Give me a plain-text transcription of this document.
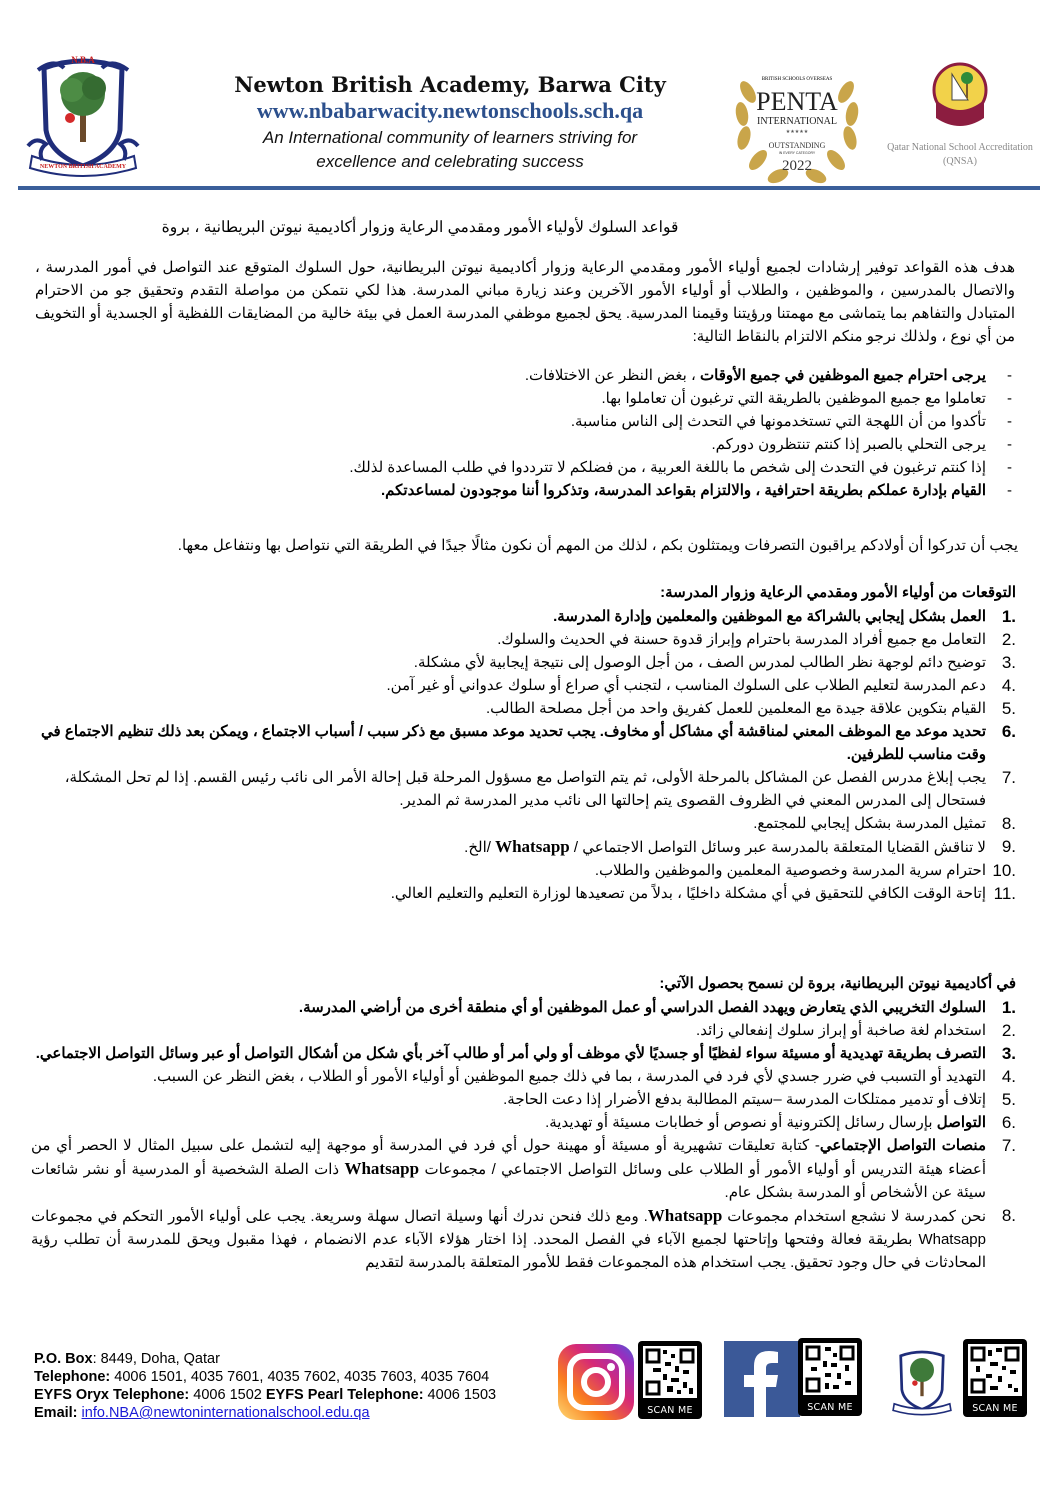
N.B.A
NEWTON BRITISH ACADEMY
Newton British Academy, Barwa City
www.nbabarwacity.newtonschools.sch.qa
An International community of learners striving for
excellence and celebrating success
BRITISH SCHOOLS OVERSEAS
PENTA
INTERNATIONAL
★★★★★
OUTSTANDING
IN EVERY CATEGORY
2022
Qatar National School Accreditation
(QNSA)
قواعد السلوك لأولياء الأمور ومقدمي الرعاية وزوار أكاديمية نيوتن البريطانية ، بروة
هدف هذه القواعد توفير إرشادات لجميع أولياء الأمور ومقدمي الرعاية وزوار أكاديمية نيوتن البريطانية، حول السلوك المتوقع عند التواصل في أمور المدرسة ، والاتصال بالمدرسين ، والموظفين ، والطلاب أو أولياء الأمور الآخرين وعند زيارة مباني المدرسة. هذا لكي نتمكن من مواصلة التقدم وتحقيق جو من الاحترام المتبادل والتفاهم بما يتماشى مع مهمتنا ورؤيتنا وقيمنا المدرسية. يحق لجميع موظفي المدرسة العمل في بيئة خالية من المضايقات اللفظية أو الجسدية أو التخويف من أي نوع ، ولذلك نرجو منكم الالتزام بالنقاط التالية:
- يرجى احترام جميع الموظفين في جميع الأوقات ، بغض النظر عن الاختلافات.
- تعاملوا مع جميع الموظفين بالطريقة التي ترغبون أن تعاملوا بها.
- تأكدوا من أن اللهجة التي تستخدمونها في التحدث إلى الناس مناسبة.
- يرجى التحلي بالصبر إذا كنتم تنتظرون دوركم.
- إذا كنتم ترغبون في التحدث إلى شخص ما باللغة العربية ، من فضلكم لا تترددوا في طلب المساعدة لذلك.
- القيام بإدارة عملكم بطريقة احترافية ، والالتزام بقواعد المدرسة، وتذكروا أننا موجودون لمساعدتكم.
يجب أن تدركوا أن أولادكم يراقبون التصرفات ويمتثلون بكم ، لذلك من المهم أن نكون مثالًا جيدًا في الطريقة التي نتواصل بها ونتفاعل معها.
التوقعات من أولياء الأمور ومقدمي الرعاية وزوار المدرسة:
1.
العمل بشكل إيجابي بالشراكة مع الموظفين والمعلمين وإدارة المدرسة.
2.
التعامل مع جميع أفراد المدرسة باحترام وإبراز قدوة حسنة في الحديث والسلوك.
3.
توضيح دائم لوجهة نظر الطالب لمدرس الصف ، من أجل الوصول إلى نتيجة إيجابية لأي مشكلة.
4.
دعم المدرسة لتعليم الطلاب على السلوك المناسب ، لتجنب أي صراع أو سلوك عدواني أو غير آمن.
5.
القيام بتكوين علاقة جيدة مع المعلمين للعمل كفريق واحد من أجل مصلحة الطالب.
6.
تحديد موعد مع الموظف المعني لمناقشة أي مشاكل أو مخاوف. يجب تحديد موعد مسبق مع ذكر سبب / أسباب الاجتماع ، ويمكن بعد ذلك تنظيم الاجتماع في وقت مناسب للطرفين.
7.
يجب إبلاغ مدرس الفصل عن المشاكل بالمرحلة الأولى، ثم يتم التواصل مع مسؤول المرحلة قبل إحالة الأمر الى نائب رئيس القسم. إذا لم تحل المشكلة، فستحال إلى المدرس المعني في الظروف القصوى يتم إحالتها الى نائب مدير المدرسة ثم المدير.
8.
تمثيل المدرسة بشكل إيجابي للمجتمع.
9.
لا تناقش القضايا المتعلقة بالمدرسة عبر وسائل التواصل الاجتماعي / Whatsapp /الخ.
10.
احترام سرية المدرسة وخصوصية المعلمين والموظفين والطلاب.
11.
إتاحة الوقت الكافي للتحقيق في أي مشكلة داخليًا ، بدلاً من تصعيدها لوزارة التعليم والتعليم العالي.
في أكاديمية نيوتن البريطانية، بروة لن نسمح بحصول الآتي:
1.
السلوك التخريبي الذي يتعارض ويهدد الفصل الدراسي أو عمل الموظفين أو أي منطقة أخرى من أراضي المدرسة.
2.
استخدام لغة صاخبة أو إبراز سلوك إنفعالي زائد.
3.
التصرف بطريقة تهديدية أو مسيئة سواء لفظيًا أو جسديًا لأي موظف أو ولي أمر أو طالب آخر بأي شكل من أشكال التواصل أو عبر وسائل التواصل الاجتماعي.
4.
التهديد أو التسبب في ضرر جسدي لأي فرد في المدرسة ، بما في ذلك جميع الموظفين أو أولياء الأمور أو الطلاب ، بغض النظر عن السبب.
5.
إتلاف أو تدمير ممتلكات المدرسة –سيتم المطالبة بدفع الأضرار إذا دعت الحاجة.
6.
التواصل بإرسال رسائل إلكترونية أو نصوص أو خطابات مسيئة أو تهديدية.
7.
منصات التواصل الإجتماعي- كتابة تعليقات تشهيرية أو مسيئة أو مهينة حول أي فرد في المدرسة أو موجهة إليه لتشمل على سبيل المثال لا الحصر أي من أعضاء هيئة التدريس أو أولياء الأمور أو الطلاب على وسائل التواصل الاجتماعي / مجموعات Whatsapp ذات الصلة الشخصية أو المدرسية أو نشر شائعات سيئة عن الأشخاص أو المدرسة بشكل عام.
8.
نحن كمدرسة لا نشجع استخدام مجموعات Whatsapp. ومع ذلك فنحن ندرك أنها وسيلة اتصال سهلة وسريعة. يجب على أولياء الأمور التحكم في مجموعات Whatsapp بطريقة فعالة وفتحها وإتاحتها لجميع الآباء في الفصل المحدد. إذا اختار هؤلاء الآباء عدم الانضمام ، فهذا مقبول ويحق للمدرسة أن تطلب رؤية المحادثات في حال وجود تحقيق. يجب استخدام هذه المجموعات فقط للأمور المتعلقة بالمدرسة لتقديم
P.O. Box: 8449, Doha, Qatar
Telephone: 4006 1501, 4035 7601, 4035 7602, 4035 7603, 4035 7604
EYFS Oryx Telephone: 4006 1502 EYFS Pearl Telephone: 4006 1503
Email: info.NBA@newtoninternationalschool.edu.qa	SCAN ME	SCAN ME	SCAN ME
